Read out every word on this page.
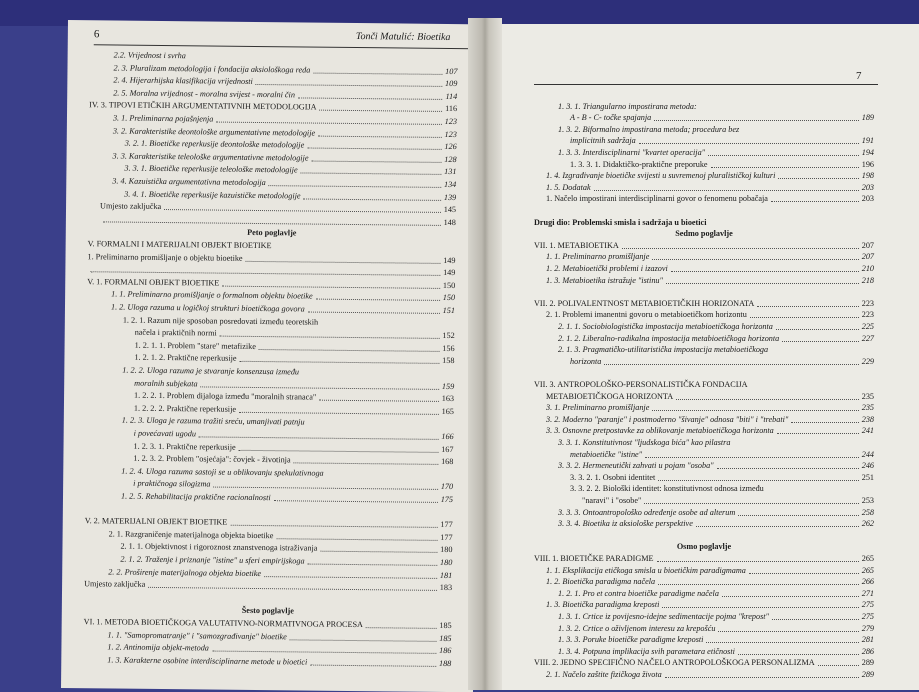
6	Tonči Matulić: Bioetika
2.2. Vrijednost i svrha
2. 3. Pluralizam metodologija i fondacija aksiološkoga reda	107
2. 4. Hijerarhijska klasifikacija vrijednosti	109
2. 5. Moralna vrijednost - moralna svijest - moralni čin	114
IV. 3. TIPOVI ETIČKIH ARGUMENTATIVNIH METODOLOGIJA	116
3. 1. Preliminarna pojašnjenja	123
3. 2. Karakteristike deontološke argumentativne metodologije	123
3. 2. 1. Bioetičke reperkusije deontološke metodologije	126
3. 3. Karakteristike teleološke argumentativne metodologije	128
3. 3. 1. Bioetičke reperkusije teleološke metodologije	131
3. 4. Kazuistička argumentativna metodologija	134
3. 4. 1. Bioetičke reperkusije kazuističke metodologije	139
Umjesto zaključka	145
148
Peto poglavlje
V. FORMALNI I MATERIJALNI OBJEKT BIOETIKE
1. Preliminarno promišljanje o objektu bioetike	149
149
V. 1. FORMALNI OBJEKT BIOETIKE	150
1. 1. Preliminarno promišljanje o formalnom objektu bioetike	150
1. 2. Uloga razuma u logičkoj strukturi bioetičkoga govora	151
1. 2. 1. Razum nije sposoban posredovati između teoretskih
načela i praktičnih normi	152
1. 2. 1. 1. Problem "stare" metafizike	156
1. 2. 1. 2. Praktične reperkusije	158
1. 2. 2. Uloga razuma je stvaranje konsenzusa između
moralnih subjekata	159
1. 2. 2. 1. Problem dijaloga između "moralnih stranaca"	163
1. 2. 2. 2. Praktične reperkusije	165
1. 2. 3. Uloga je razuma tražiti sreću, umanjivati patnju
i povećavati ugodu	166
1. 2. 3. 1. Praktične reperkusije	167
1. 2. 3. 2. Problem "osjećaja": čovjek - životinja	168
1. 2. 4. Uloga razuma sastoji se u oblikovanju spekulativnoga
i praktičnoga silogizma	170
1. 2. 5. Rehabilitacija praktične racionalnosti	175
V. 2. MATERIJALNI OBJEKT BIOETIKE	177
2. 1. Razgraničenje materijalnoga objekta bioetike	177
2. 1. 1. Objektivnost i rigoroznost znanstvenoga istraživanja	180
2. 1. 2. Traženje i priznanje "istine" u sferi empirijskoga	180
2. 2. Proširenje materijalnoga objekta bioetike	181
Umjesto zaključka	183
Šesto poglavlje
VI. 1. METODA BIOETIČKOGA VALUTATIVNO-NORMATIVNOGA PROCESA	185
1. 1. "Samopromatranje" i "samozgrađivanje" bioetike	185
1. 2. Antinomija objekt-metoda	186
1. 3. Karakterne osobine interdisciplinarne metode u bioetici	188
7
1. 3. 1. Triangularno impostirana metoda:
A - B - C- točke spajanja	189
1. 3. 2. Biformalno impostirana metoda; procedura bez
implicitnih sadržaja	191
1. 3. 3. Interdisciplinarni "kvartet operacija"	194
1. 3. 3. 1. Didaktičko-praktične preporuke	196
1. 4. Izgrađivanje bioetičke svijesti u suvremenoj pluralističkoj kulturi	198
1. 5. Dodatak	203
1. Načelo impostirani interdisciplinarni govor o fenomenu pobačaja	203
Drugi dio: Problemski smisla i sadržaja u bioetici
Sedmo poglavlje
VII. 1. METABIOETIKA	207
1. 1. Preliminarno promišljanje	207
1. 2. Metabioetički problemi i izazovi	210
1. 3. Metabioetika istražuje "istinu"	218
VII. 2. POLIVALENTNOST METABIOETIČKIH HORIZONATA	223
2. 1. Problemi imanentni govoru o metabioetičkom horizontu	223
2. 1. 1. Sociobiologistička impostacija metabioetičkoga horizonta	225
2. 1. 2. Liberalno-radikalna impostacija metabioetičkoga horizonta	227
2. 1. 3. Pragmatičko-utilitaristička impostacija metabioetičkoga
horizonta	229
VII. 3. ANTROPOLOŠKO-PERSONALISTIČKA FONDACIJA
METABIOETIČKOGA HORIZONTA	235
3. 1. Preliminarno promišljanje	235
3. 2. Moderno "paranje" i postmoderno "šivanje" odnosa "biti" i "trebati"	238
3. 3. Osnovne pretpostavke za oblikovanje metabioetičkoga horizonta	241
3. 3. 1. Konstitutivnost "ljudskoga bića" kao pilastra
metabioetičke "istine"	244
3. 3. 2. Hermeneutički zahvati u pojam "osoba"	246
3. 3. 2. 1. Osobni identitet	251
3. 3. 2. 2. Biološki identitet: konstitutivnost odnosa između
"naravi" i "osobe"	253
3. 3. 3. Ontoantropološko određenje osobe ad alterum	258
3. 3. 4. Bioetika iz aksiološke perspektive	262
Osmo poglavlje
VIII. 1. BIOETIČKE PARADIGME	265
1. 1. Eksplikacija etičkoga smisla u bioetičkim paradigmama	265
1. 2. Bioetička paradigma načela	266
1. 2. 1. Pro et contra bioetičke paradigme načela	271
1. 3. Bioetička paradigma kreposti	275
1. 3. 1. Crtice iz povijesno-idejne sedimentacije pojma "krepost"	275
1. 3. 2. Crtice o oživljenom interesu za krepošću	279
1. 3. 3. Poruke bioetičke paradigme kreposti	281
1. 3. 4. Potpuna implikacija svih parametara etičnosti	286
VIII. 2. JEDNO SPECIFIČNO NAČELO ANTROPOLOŠKOGA PERSONALIZMA	289
2. 1. Načelo zaštite fizičkoga života	289
